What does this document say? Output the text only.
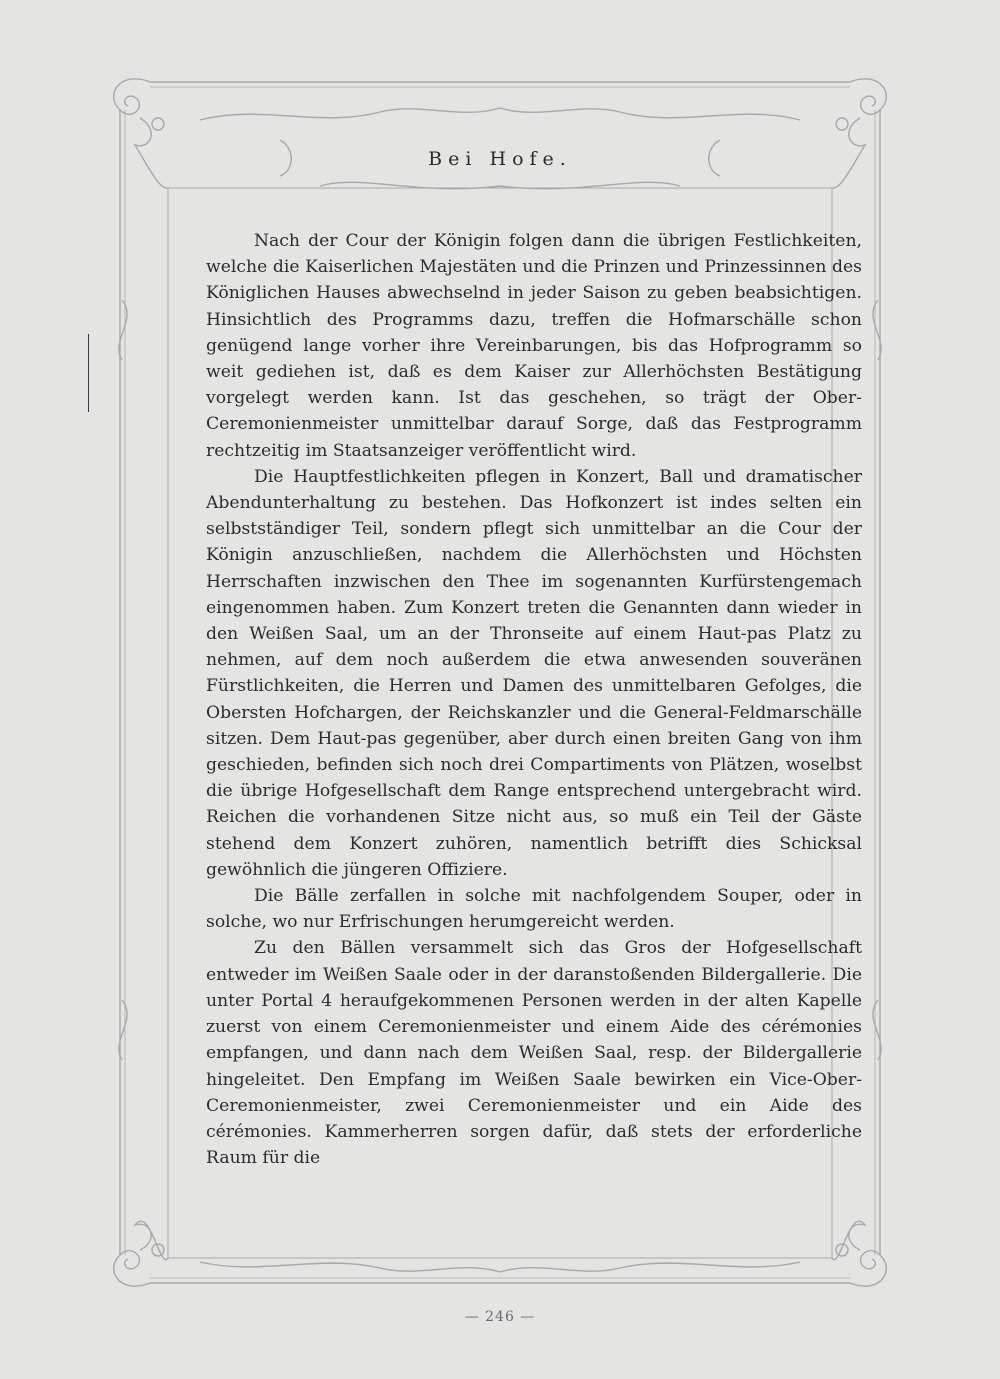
Bei Hofe.

Nach der Cour der Königin folgen dann die übrigen Festlichkeiten, welche die Kaiserlichen Majestäten und die Prinzen und Prinzessinnen des Königlichen Hauses abwechselnd in jeder Saison zu geben beabsichtigen. Hinsichtlich des Programms dazu, treffen die Hofmarschälle schon genügend lange vorher ihre Vereinbarungen, bis das Hofprogramm so weit gediehen ist, daß es dem Kaiser zur Allerhöchsten Bestätigung vorgelegt werden kann. Ist das geschehen, so trägt der Ober-Ceremonienmeister unmittelbar darauf Sorge, daß das Festprogramm rechtzeitig im Staatsanzeiger veröffentlicht wird.

Die Hauptfestlichkeiten pflegen in Konzert, Ball und dramatischer Abendunterhaltung zu bestehen. Das Hofkonzert ist indes selten ein selbstständiger Teil, sondern pflegt sich unmittelbar an die Cour der Königin anzuschließen, nachdem die Allerhöchsten und Höchsten Herrschaften inzwischen den Thee im sogenannten Kurfürstengemach eingenommen haben. Zum Konzert treten die Genannten dann wieder in den Weißen Saal, um an der Thronseite auf einem Haut-pas Platz zu nehmen, auf dem noch außerdem die etwa anwesenden souveränen Fürstlichkeiten, die Herren und Damen des unmittelbaren Gefolges, die Obersten Hofchargen, der Reichskanzler und die General-Feldmarschälle sitzen. Dem Haut-pas gegenüber, aber durch einen breiten Gang von ihm geschieden, befinden sich noch drei Compartiments von Plätzen, woselbst die übrige Hofgesellschaft dem Range entsprechend untergebracht wird. Reichen die vorhandenen Sitze nicht aus, so muß ein Teil der Gäste stehend dem Konzert zuhören, namentlich betrifft dies Schicksal gewöhnlich die jüngeren Offiziere.

Die Bälle zerfallen in solche mit nachfolgendem Souper, oder in solche, wo nur Erfrischungen herumgereicht werden.

Zu den Bällen versammelt sich das Gros der Hofgesellschaft entweder im Weißen Saale oder in der daranstoßenden Bildergallerie. Die unter Portal 4 heraufgekommenen Personen werden in der alten Kapelle zuerst von einem Ceremonienmeister und einem Aide des cérémonies empfangen, und dann nach dem Weißen Saal, resp. der Bildergallerie hingeleitet. Den Empfang im Weißen Saale bewirken ein Vice-Ober-Ceremonienmeister, zwei Ceremonienmeister und ein Aide des cérémonies. Kammerherren sorgen dafür, daß stets der erforderliche Raum für die

— 246 —
